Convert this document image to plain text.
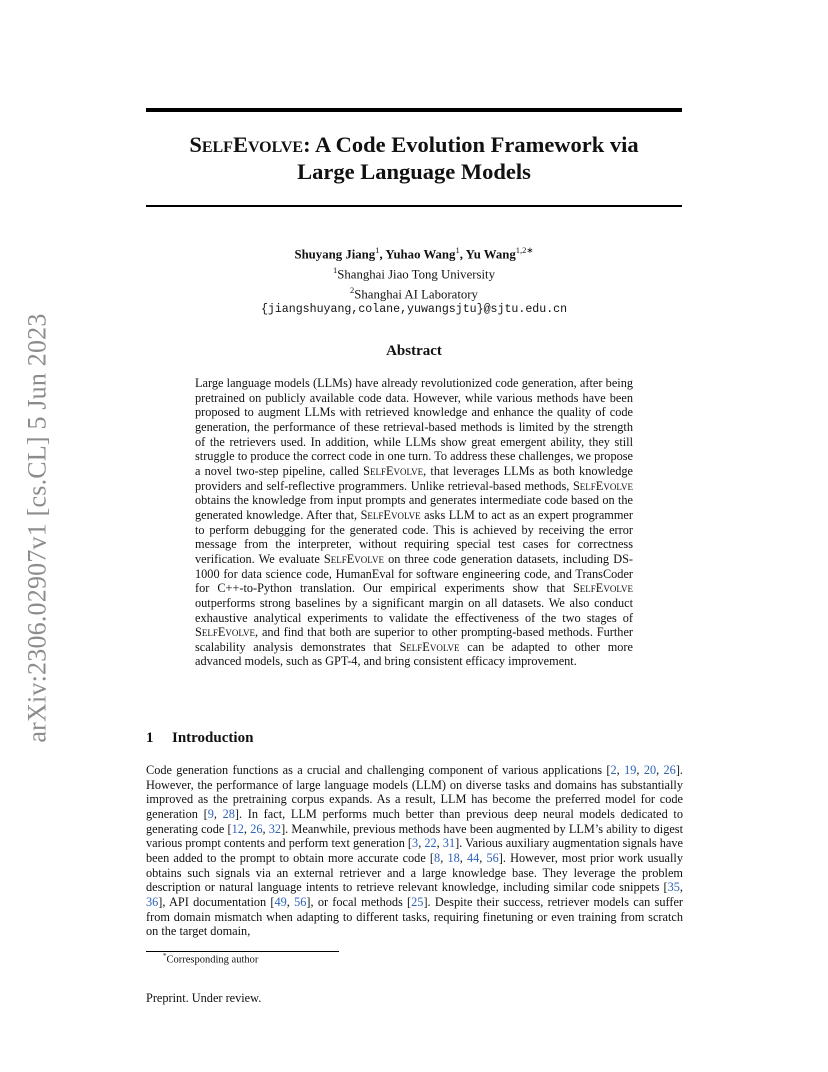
arXiv:2306.02907v1 [cs.CL] 5 Jun 2023
SelfEvolve: A Code Evolution Framework via
Large Language Models
Shuyang Jiang$^1$, Yuhao Wang$^1$, Yu Wang$^{1,2∗}$
$^1$Shanghai Jiao Tong University
$^2$Shanghai AI Laboratory
{jiangshuyang,colane,yuwangsjtu}@sjtu.edu.cn
Abstract
Large language models (LLMs) have already revolutionized code generation, after being pretrained on publicly available code data. However, while various methods have been proposed to augment LLMs with retrieved knowledge and enhance the quality of code generation, the performance of these retrieval-based methods is limited by the strength of the retrievers used. In addition, while LLMs show great emergent ability, they still struggle to produce the correct code in one turn. To address these challenges, we propose a novel two-step pipeline, called SelfEvolve, that leverages LLMs as both knowledge providers and self-reflective programmers. Unlike retrieval-based methods, SelfEvolve obtains the knowledge from input prompts and generates intermediate code based on the generated knowledge. After that, SelfEvolve asks LLM to act as an expert programmer to perform debugging for the generated code. This is achieved by receiving the error message from the interpreter, without requiring special test cases for correctness verification. We evaluate SelfEvolve on three code generation datasets, including DS-1000 for data science code, HumanEval for software engineering code, and TransCoder for C++-to-Python translation. Our empirical experiments show that SelfEvolve outperforms strong baselines by a significant margin on all datasets. We also conduct exhaustive analytical experiments to validate the effectiveness of the two stages of SelfEvolve, and find that both are superior to other prompting-based methods. Further scalability analysis demonstrates that SelfEvolve can be adapted to other more advanced models, such as GPT-4, and bring consistent efficacy improvement.
1 Introduction
Code generation functions as a crucial and challenging component of various applications [2, 19, 20, 26]. However, the performance of large language models (LLM) on diverse tasks and domains has substantially improved as the pretraining corpus expands. As a result, LLM has become the preferred model for code generation [9, 28]. In fact, LLM performs much better than previous deep neural models dedicated to generating code [12, 26, 32]. Meanwhile, previous methods have been augmented by LLM’s ability to digest various prompt contents and perform text generation [3, 22, 31]. Various auxiliary augmentation signals have been added to the prompt to obtain more accurate code [8, 18, 44, 56]. However, most prior work usually obtains such signals via an external retriever and a large knowledge base. They leverage the problem description or natural language intents to retrieve relevant knowledge, including similar code snippets [35, 36], API documentation [49, 56], or focal methods [25]. Despite their success, retriever models can suffer from domain mismatch when adapting to different tasks, requiring finetuning or even training from scratch on the target domain,
*Corresponding author
Preprint. Under review.
